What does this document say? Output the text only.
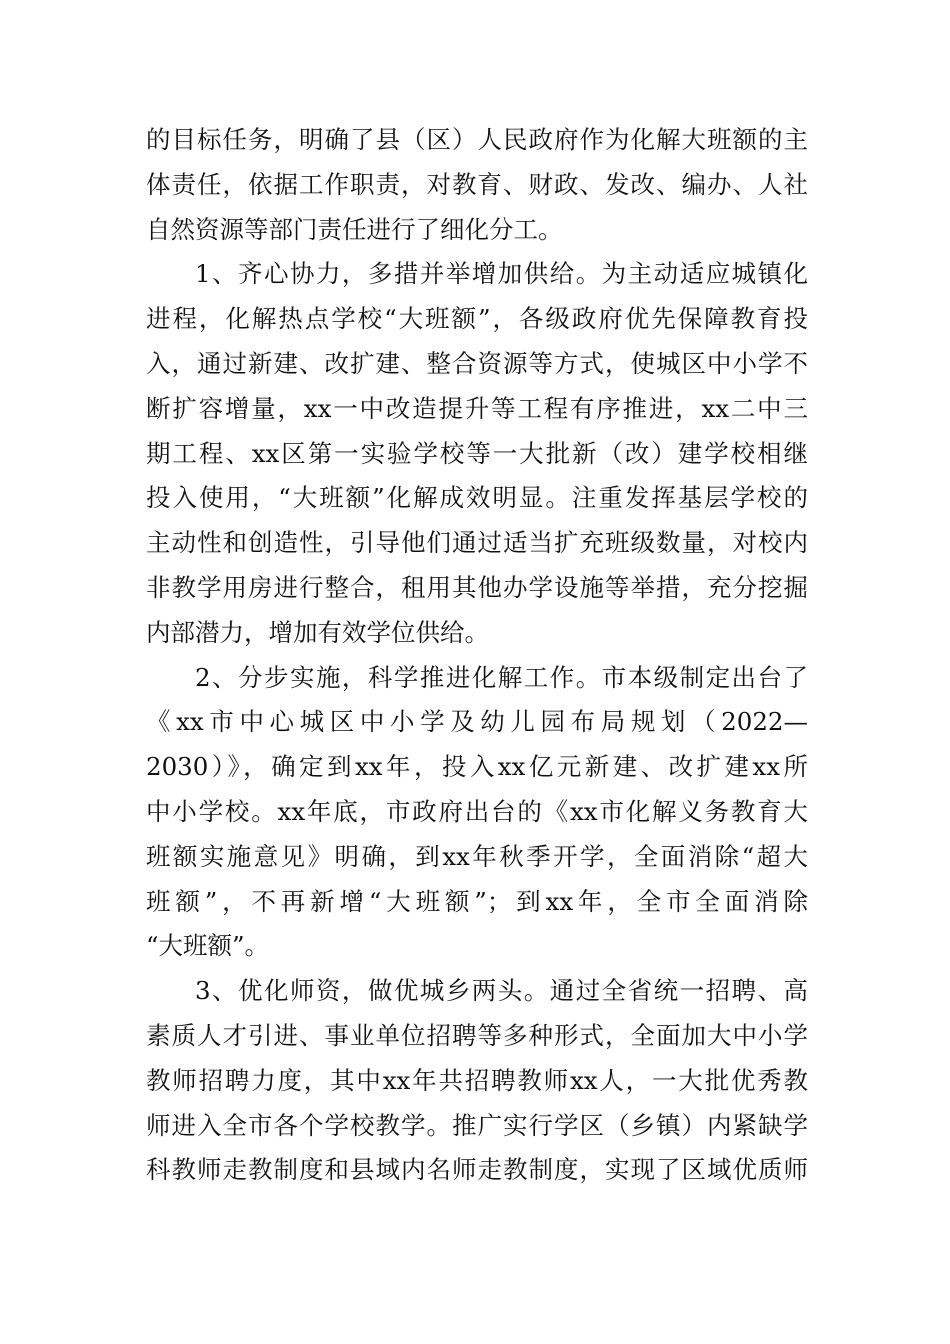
的目标任务，明确了县（区）人民政府作为化解大班额的主
体责任，依据工作职责，对教育、财政、发改、编办、人社
自然资源等部门责任进行了细化分工。
1、齐心协力，多措并举增加供给。为主动适应城镇化
进程，化解热点学校“大班额”，各级政府优先保障教育投
入，通过新建、改扩建、整合资源等方式，使城区中小学不
断扩容增量，xx一中改造提升等工程有序推进，xx二中三
期工程、xx区第一实验学校等一大批新（改）建学校相继
投入使用，“大班额”化解成效明显。注重发挥基层学校的
主动性和创造性，引导他们通过适当扩充班级数量，对校内
非教学用房进行整合，租用其他办学设施等举措，充分挖掘
内部潜力，增加有效学位供给。
2、分步实施，科学推进化解工作。市本级制定出台了
《xx市中心城区中小学及幼儿园布局规划（2022—
2030）》，确定到xx年，投入xx亿元新建、改扩建xx所
中小学校。xx年底，市政府出台的《xx市化解义务教育大
班额实施意见》明确，到xx年秋季开学，全面消除“超大
班额”，不再新增“大班额”；到xx年，全市全面消除
“大班额”。
3、优化师资，做优城乡两头。通过全省统一招聘、高
素质人才引进、事业单位招聘等多种形式，全面加大中小学
教师招聘力度，其中xx年共招聘教师xx人，一大批优秀教
师进入全市各个学校教学。推广实行学区（乡镇）内紧缺学
科教师走教制度和县域内名师走教制度，实现了区域优质师
